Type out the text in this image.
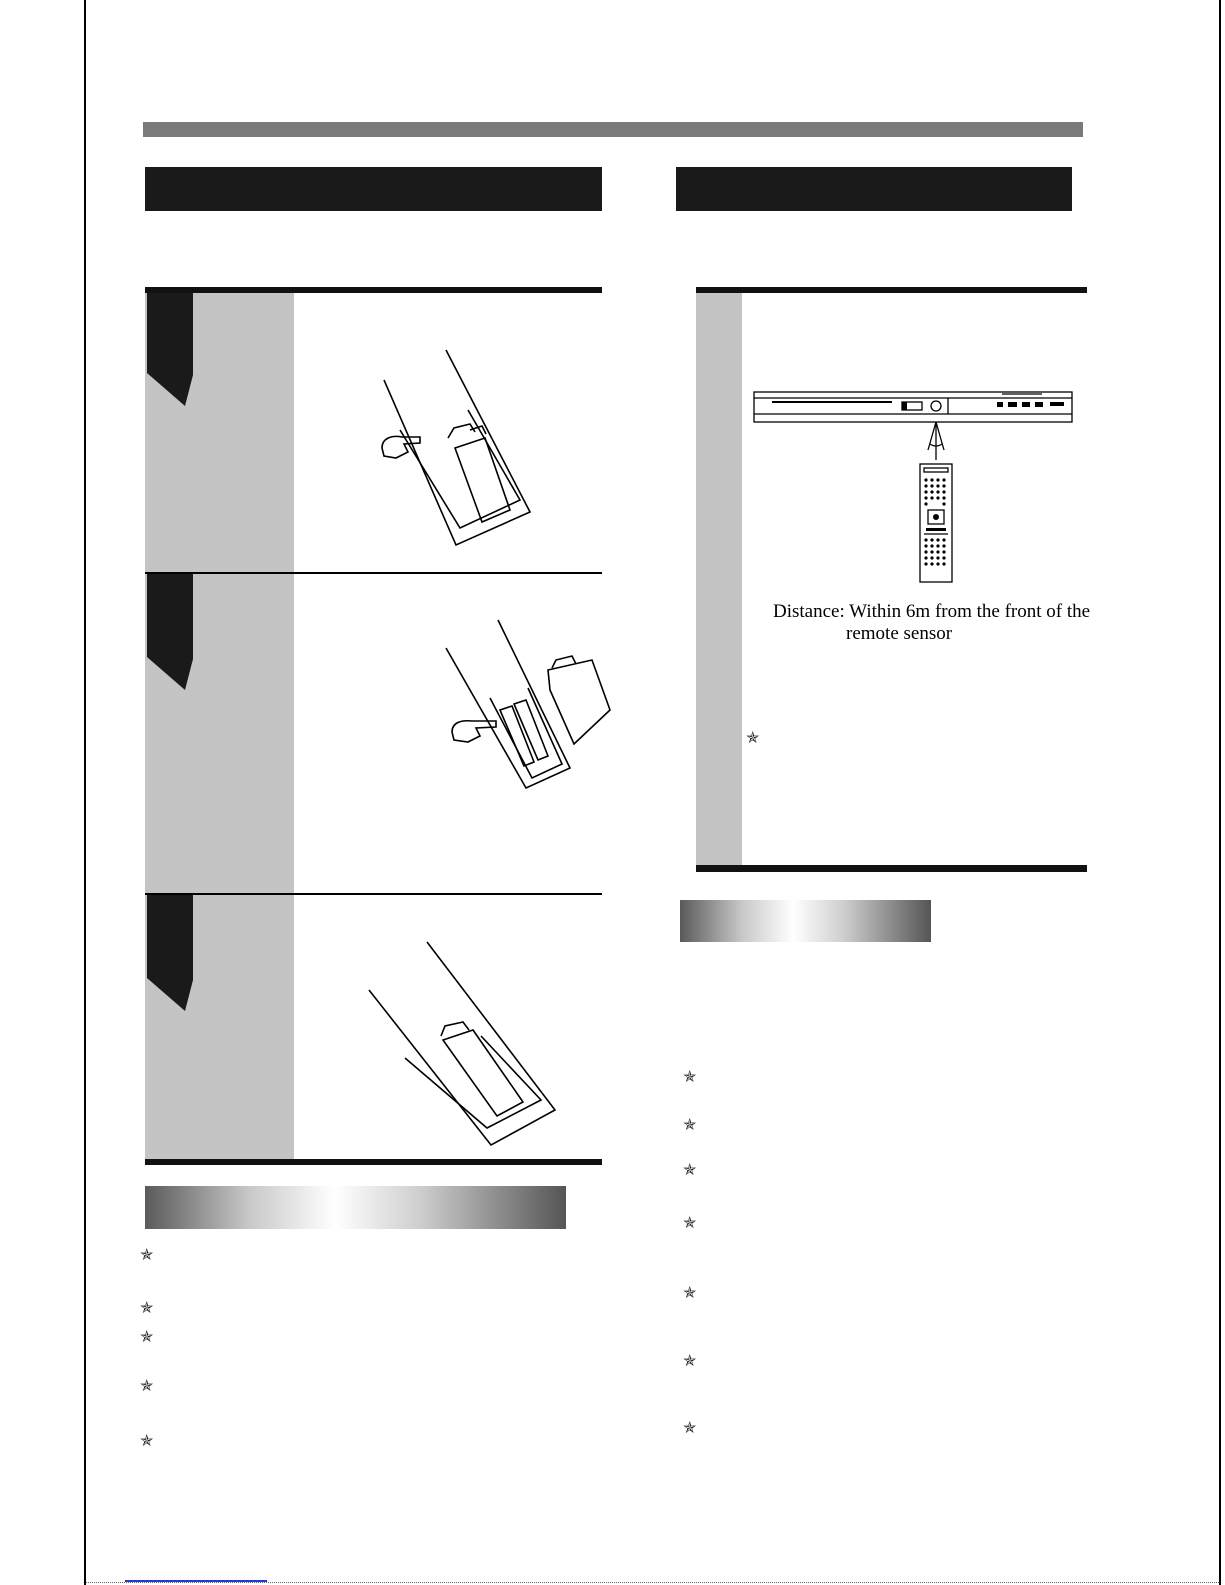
✯
✯
✯
✯
✯
Distance: Within 6m from the front of the
remote sensor
✯
✯
✯
✯
✯
✯
✯
✯
